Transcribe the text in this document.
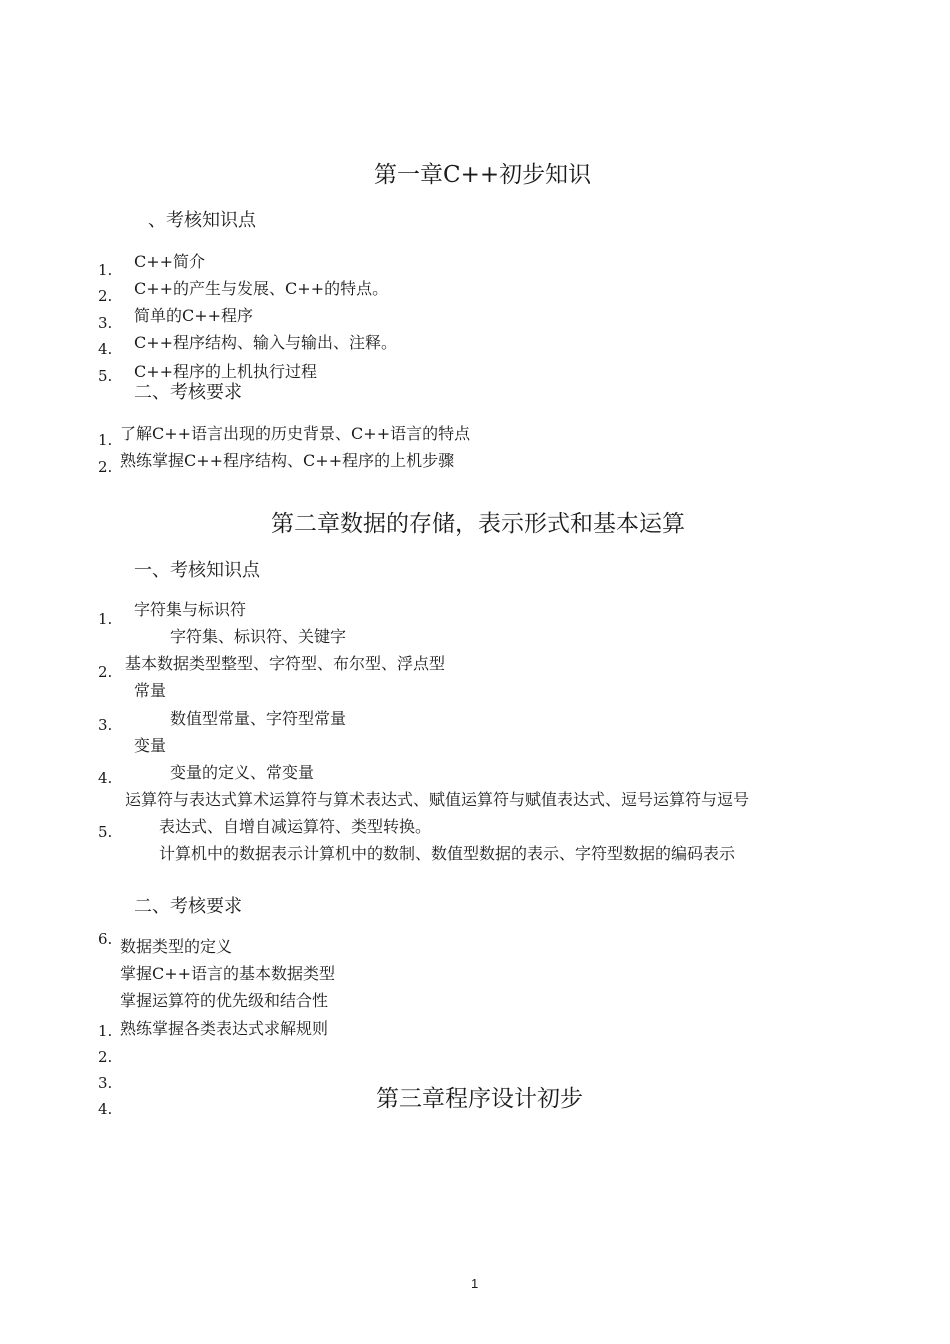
第一章C++初步知识
、考核知识点
1.
2.
3.
4.
5.
C++简介
C++的产生与发展、C++的特点。
简单的C++程序
C++程序结构、输入与输出、注释。
C++程序的上机执行过程
二、考核要求
1.
2.
了解C++语言出现的历史背景、C++语言的特点
熟练掌握C++程序结构、C++程序的上机步骤
第二章数据的存储，表示形式和基本运算
一、考核知识点
1.
2.
3.
4.
5.
6.
字符集与标识符
字符集、标识符、关键字
基本数据类型整型、字符型、布尔型、浮点型
常量
数值型常量、字符型常量
变量
变量的定义、常变量
运算符与表达式算术运算符与算术表达式、赋值运算符与赋值表达式、逗号运算符与逗号
表达式、自增自减运算符、类型转换。
计算机中的数据表示计算机中的数制、数值型数据的表示、字符型数据的编码表示
二、考核要求
数据类型的定义
掌握C++语言的基本数据类型
掌握运算符的优先级和结合性
熟练掌握各类表达式求解规则
1.
2.
3.
4.	第三章程序设计初步
1
